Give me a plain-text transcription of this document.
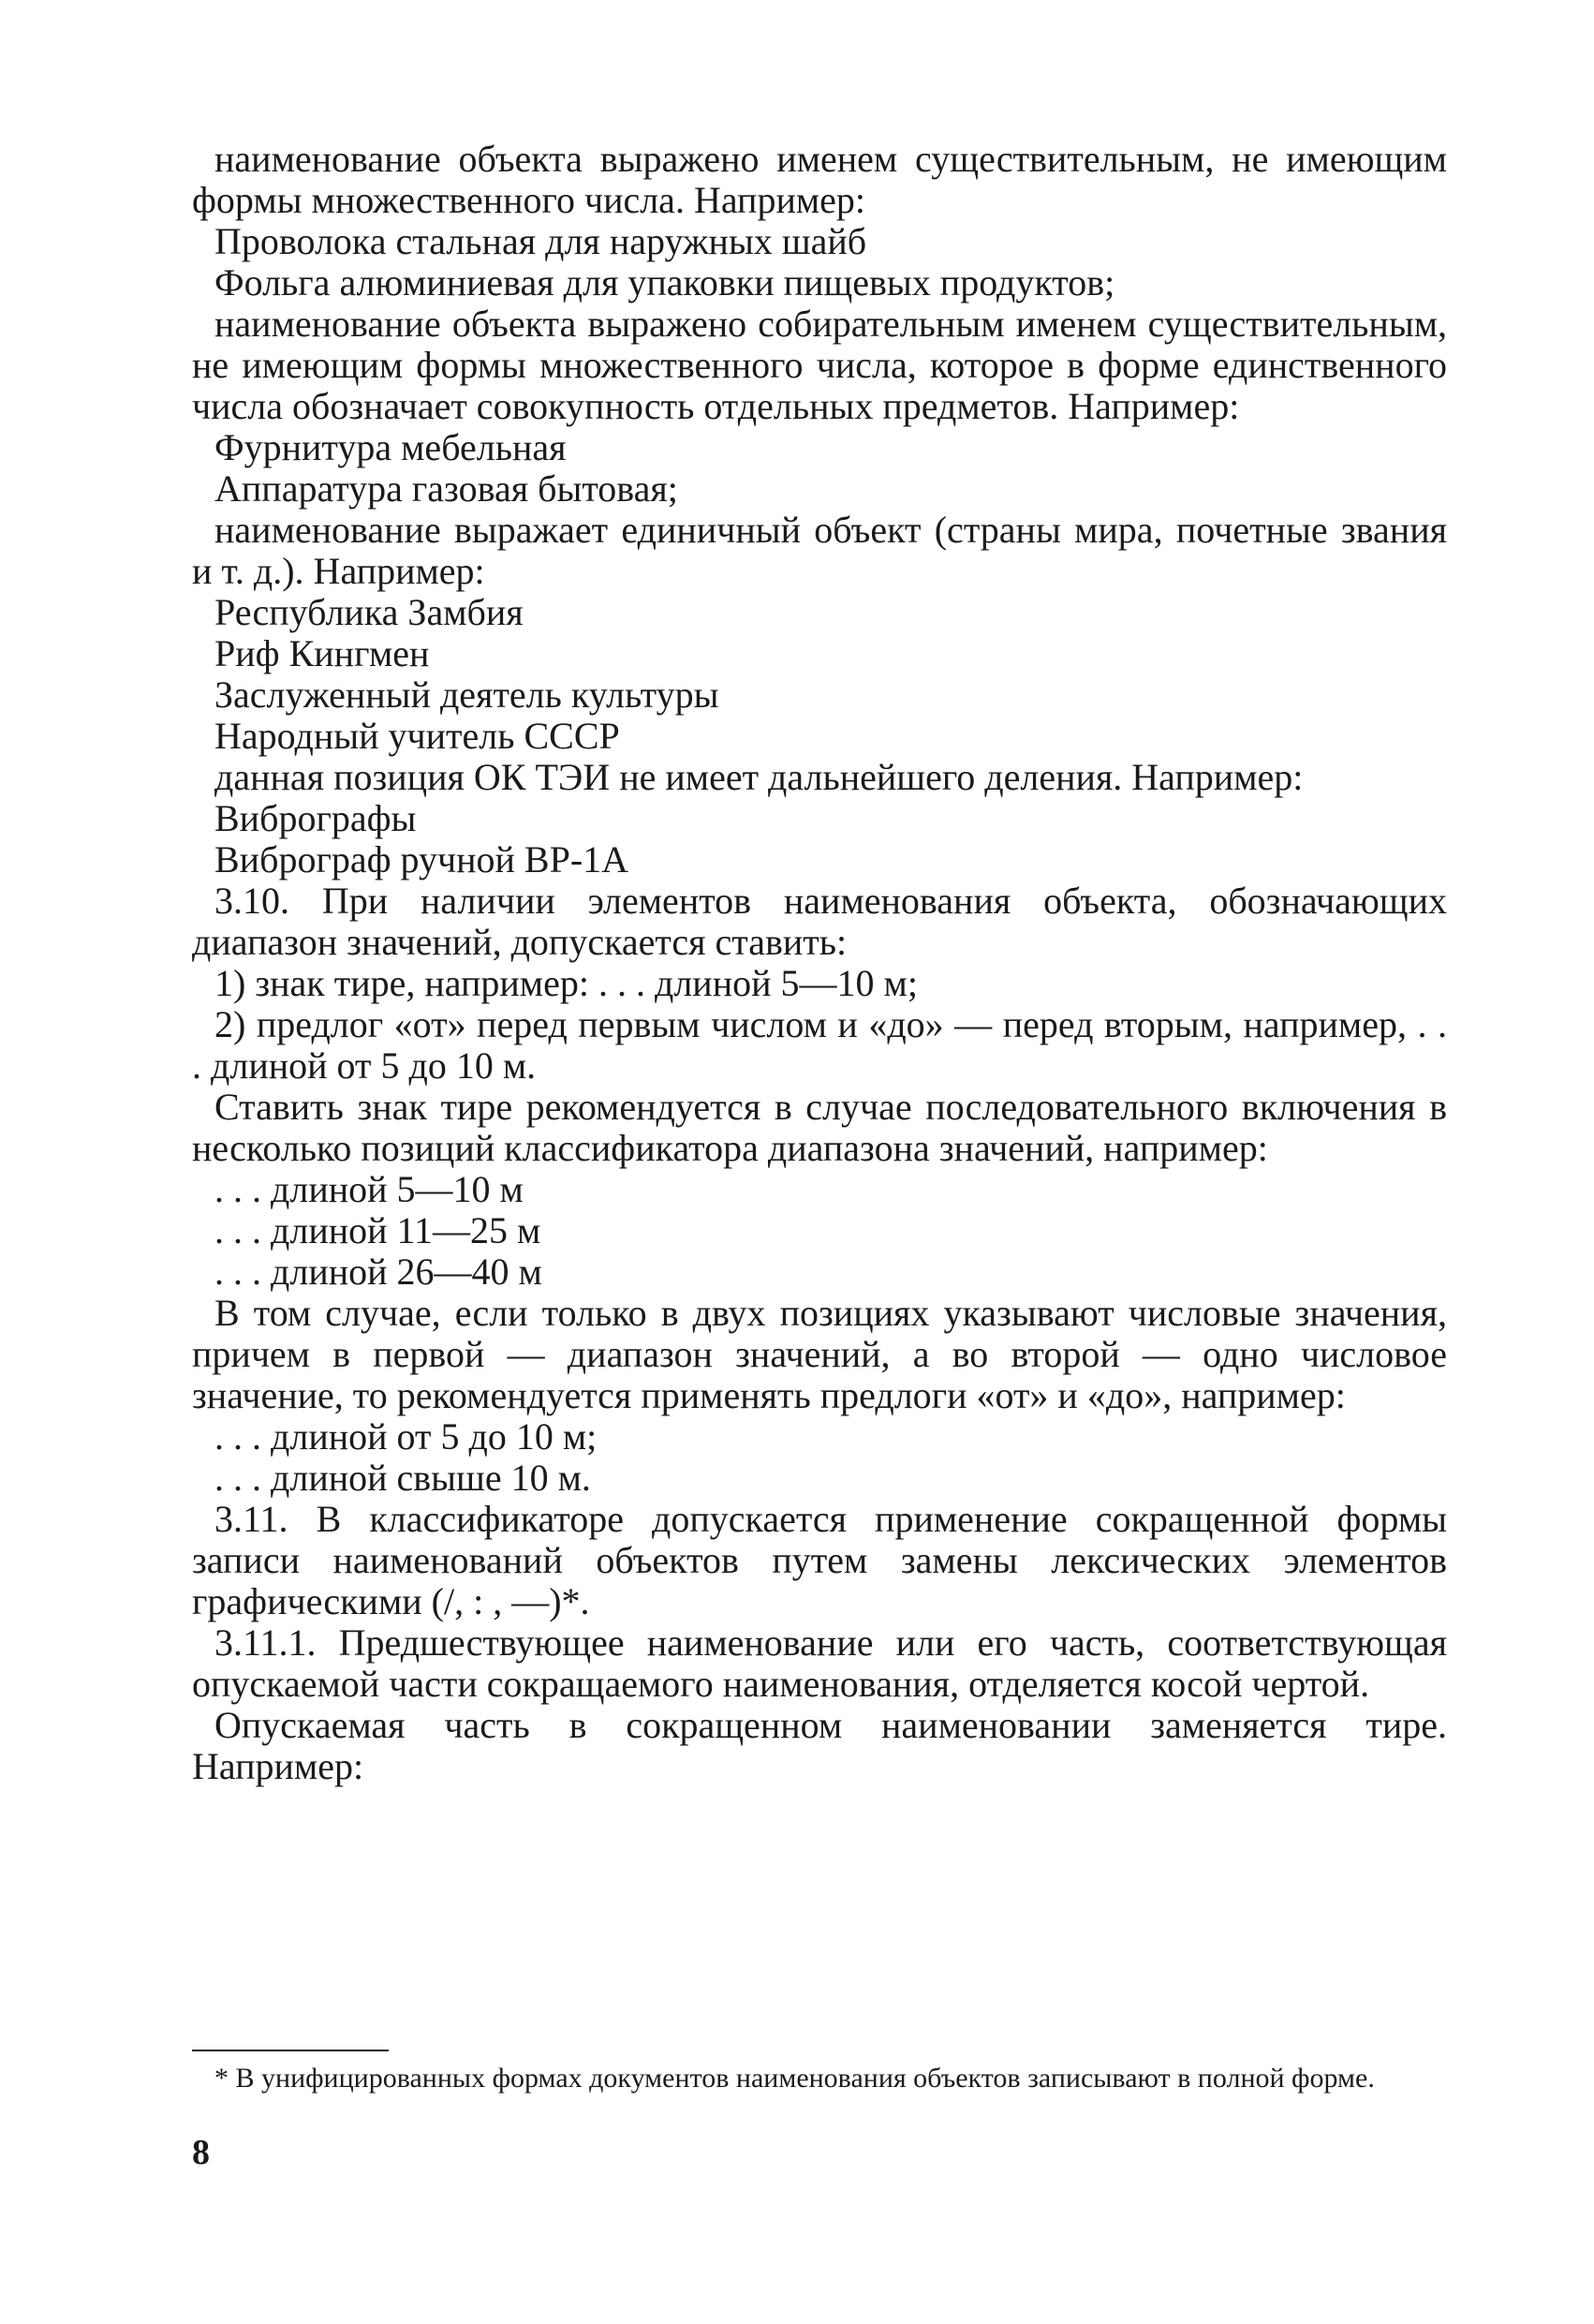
наименование объекта выражено именем существительным, не имеющим формы множественного числа. Например:

Проволока стальная для наружных шайб

Фольга алюминиевая для упаковки пищевых продуктов;

наименование объекта выражено собирательным именем существительным, не имеющим формы множественного числа, которое в форме единственного числа обозначает совокупность отдельных предметов. Например:

Фурнитура мебельная

Аппаратура газовая бытовая;

наименование выражает единичный объект (страны мира, почетные звания и т. д.). Например:

Республика Замбия

Риф Кингмен

Заслуженный деятель культуры

Народный учитель СССР

данная позиция ОК ТЭИ не имеет дальнейшего деления. Например:

Вибрографы

Виброграф ручной ВР-1А

3.10. При наличии элементов наименования объекта, обозначающих диапазон значений, допускается ставить:

1) знак тире, например: . . . длиной 5—10 м;

2) предлог «от» перед первым числом и «до» — перед вторым, например, . . . длиной от 5 до 10 м.

Ставить знак тире рекомендуется в случае последовательного включения в несколько позиций классификатора диапазона значений, например:

. . . длиной 5—10 м

. . . длиной 11—25 м

. . . длиной 26—40 м

В том случае, если только в двух позициях указывают числовые значения, причем в первой — диапазон значений, а во второй — одно числовое значение, то рекомендуется применять предлоги «от» и «до», например:

. . . длиной от 5 до 10 м;

. . . длиной свыше 10 м.

3.11. В классификаторе допускается применение сокращенной формы записи наименований объектов путем замены лексических элементов графическими (/, : , —)*.

3.11.1. Предшествующее наименование или его часть, соответствующая опускаемой части сокращаемого наименования, отделяется косой чертой.

Опускаемая часть в сокращенном наименовании заменяется тире. Например:

* В унифицированных формах документов наименования объектов записывают в полной форме.

8
